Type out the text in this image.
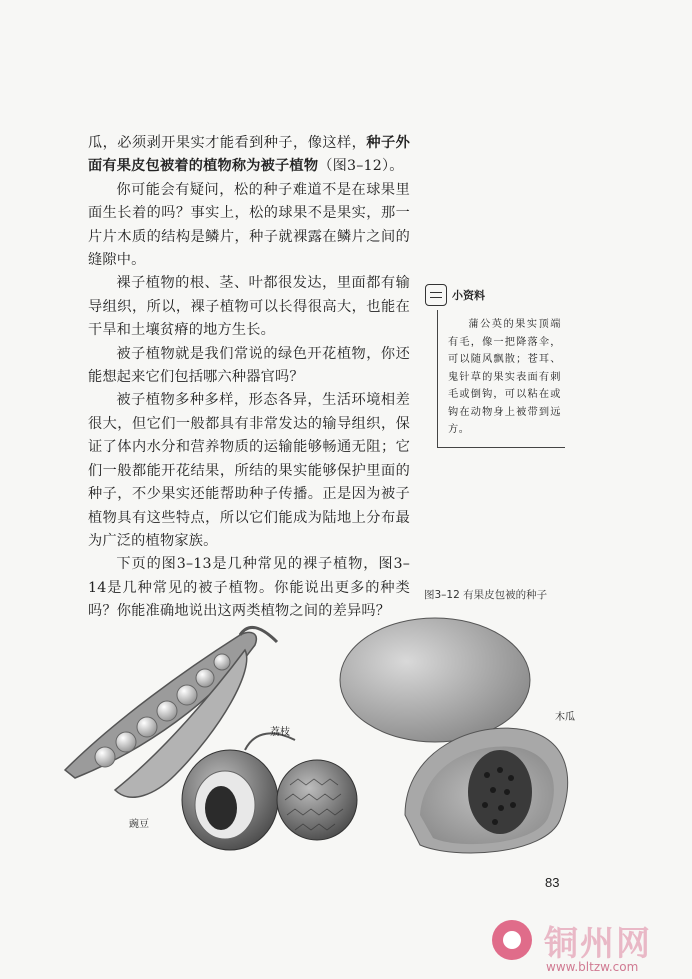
瓜，必须剥开果实才能看到种子，像这样，种子外面有果皮包被着的植物称为被子植物（图3–12）。

你可能会有疑问，松的种子难道不是在球果里面生长着的吗？事实上，松的球果不是果实，那一片片木质的结构是鳞片，种子就裸露在鳞片之间的缝隙中。

裸子植物的根、茎、叶都很发达，里面都有输导组织，所以，裸子植物可以长得很高大，也能在干旱和土壤贫瘠的地方生长。

被子植物就是我们常说的绿色开花植物，你还能想起来它们包括哪六种器官吗？

被子植物多种多样，形态各异，生活环境相差很大，但它们一般都具有非常发达的输导组织，保证了体内水分和营养物质的运输能够畅通无阻；它们一般都能开花结果，所结的果实能够保护里面的种子，不少果实还能帮助种子传播。正是因为被子植物具有这些特点，所以它们能成为陆地上分布最为广泛的植物家族。

下页的图3–13是几种常见的裸子植物，图3–14是几种常见的被子植物。你能说出更多的种类吗？你能准确地说出这两类植物之间的差异吗？

小资料

蒲公英的果实顶端有毛，像一把降落伞，可以随风飘散；苍耳、鬼针草的果实表面有刺毛或倒钩，可以粘在或钩在动物身上被带到远方。

图3–12 有果皮包被的种子
荔枝
木瓜
豌豆
83
铜州网
www.bltzw.com
